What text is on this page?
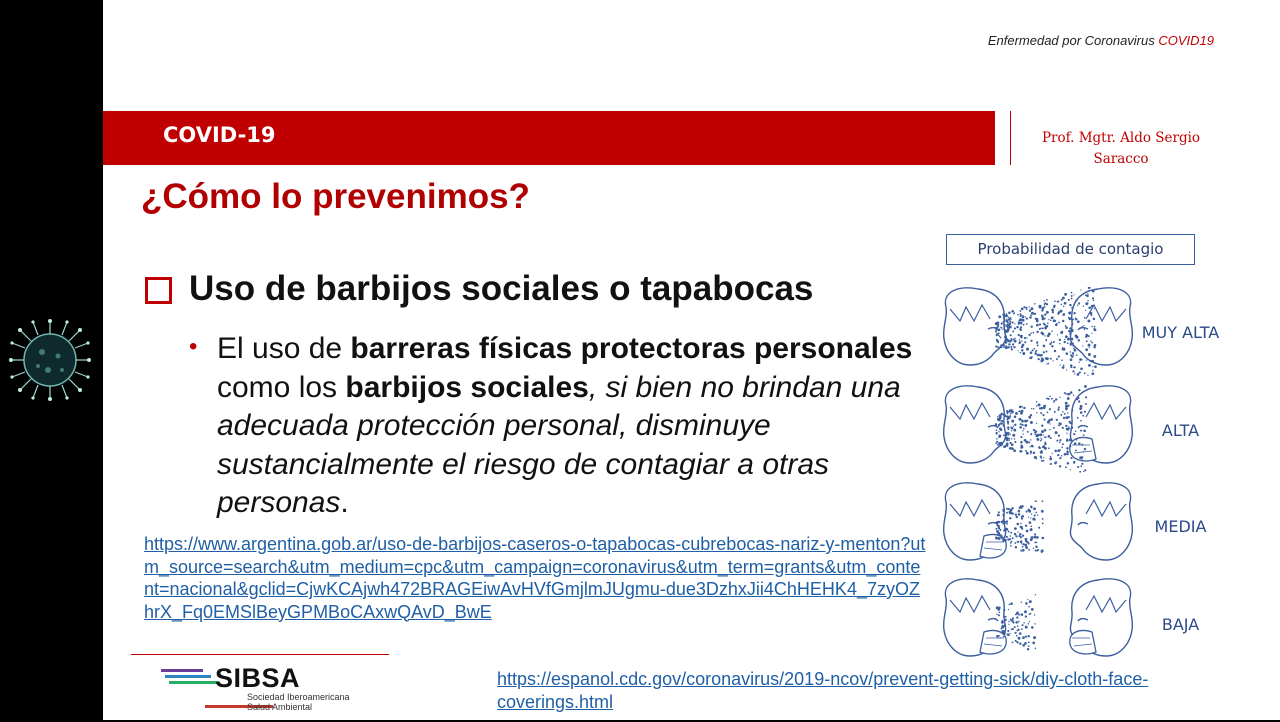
Enfermedad por Coronavirus COVID19
COVID-19	Prof. Mgtr. Aldo Sergio
Saracco
¿Cómo lo prevenimos?
Uso de barbijos sociales o tapabocas
• El uso de barreras físicas protectoras personales como los barbijos sociales, si bien no brindan una adecuada protección personal, disminuye sustancialmente el riesgo de contagiar a otras personas.
https://www.argentina.gob.ar/uso-de-barbijos-caseros-o-tapabocas-cubrebocas-nariz-y-menton?utm_source=search&utm_medium=cpc&utm_campaign=coronavirus&utm_term=grants&utm_content=nacional&gclid=CjwKCAjwh472BRAGEiwAvHVfGmjlmJUgmu-due3DzhxJii4ChHEHK4_7zyOZhrX_Fq0EMSlBeyGPMBoCAxwQAvD_BwE
SIBSA
Sociedad Iberoamericana
Salud Ambiental
https://espanol.cdc.gov/coronavirus/2019-ncov/prevent-getting-sick/diy-cloth-face-coverings.html
Probabilidad de contagio
MUY ALTA
ALTA
MEDIA
BAJA
